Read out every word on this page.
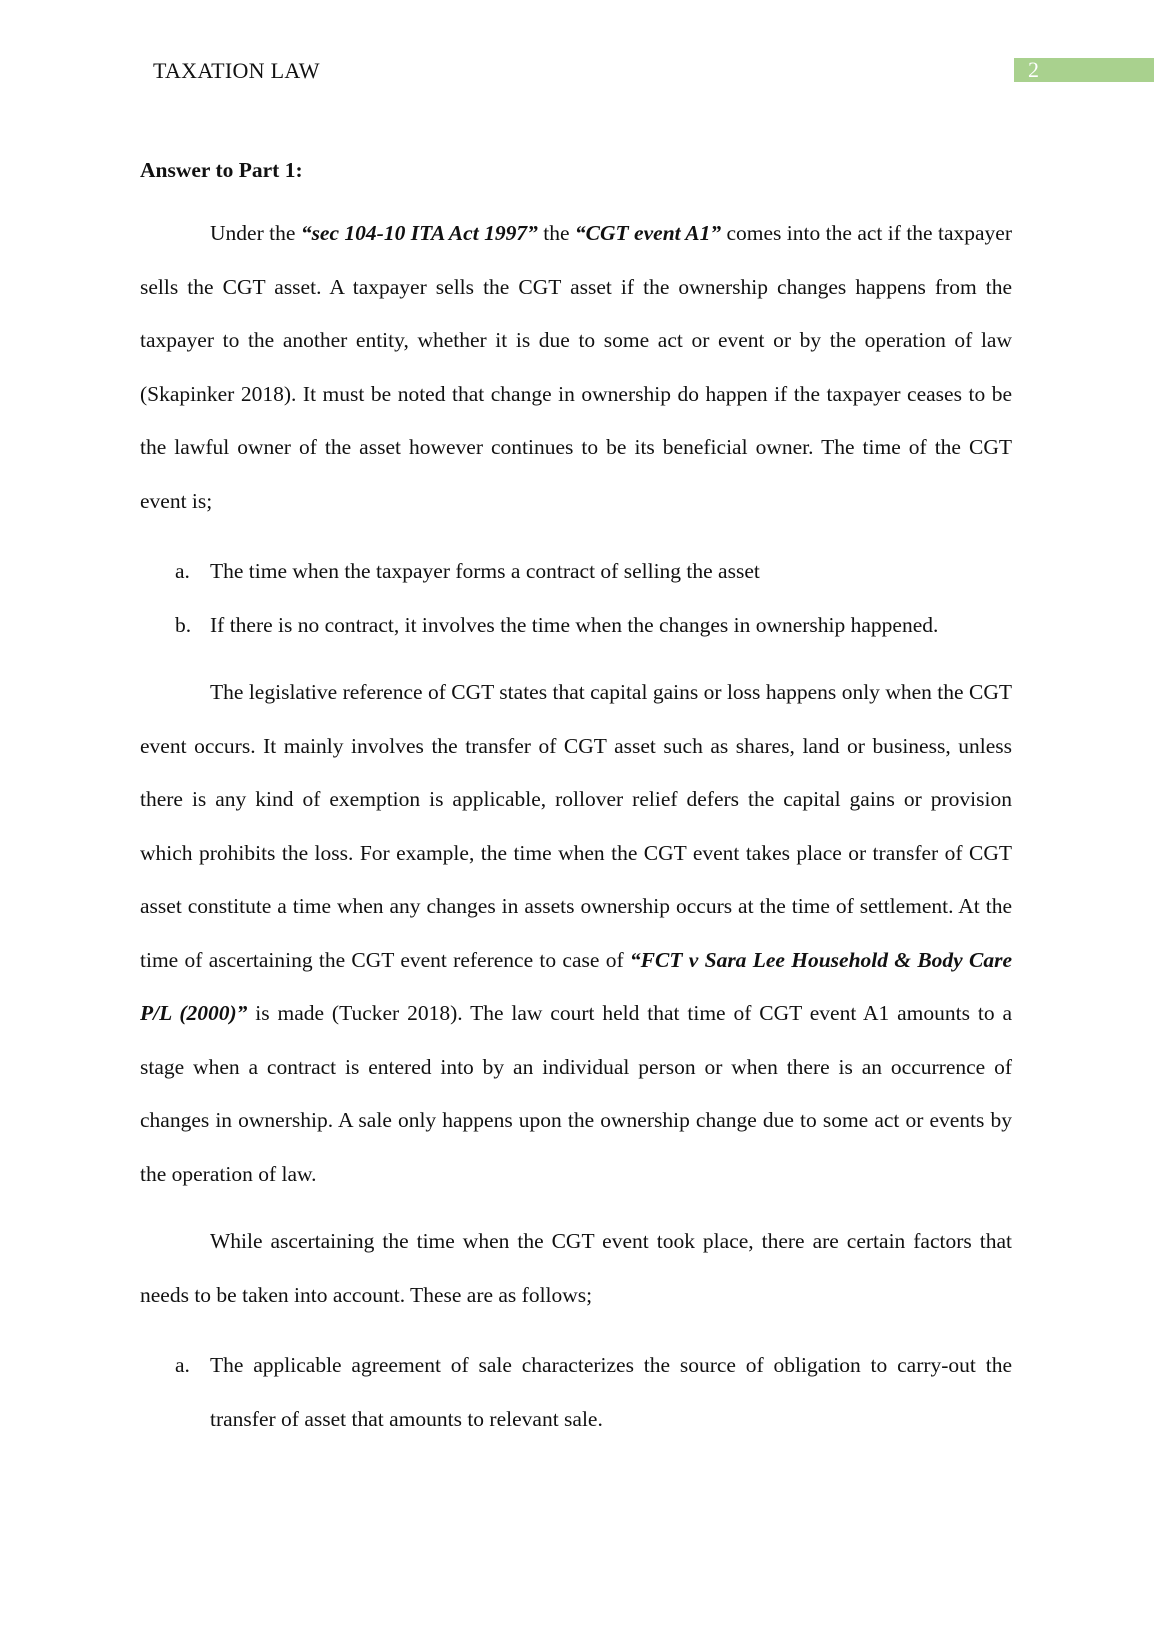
TAXATION LAW	2
Answer to Part 1:

Under the “sec 104-10 ITA Act 1997” the “CGT event A1” comes into the act if the taxpayer sells the CGT asset. A taxpayer sells the CGT asset if the ownership changes happens from the taxpayer to the another entity, whether it is due to some act or event or by the operation of law (Skapinker 2018). It must be noted that change in ownership do happen if the taxpayer ceases to be the lawful owner of the asset however continues to be its beneficial owner. The time of the CGT event is;

a. The time when the taxpayer forms a contract of selling the asset
b. If there is no contract, it involves the time when the changes in ownership happened.

The legislative reference of CGT states that capital gains or loss happens only when the CGT event occurs. It mainly involves the transfer of CGT asset such as shares, land or business, unless there is any kind of exemption is applicable, rollover relief defers the capital gains or provision which prohibits the loss. For example, the time when the CGT event takes place or transfer of CGT asset constitute a time when any changes in assets ownership occurs at the time of settlement. At the time of ascertaining the CGT event reference to case of “FCT v Sara Lee Household & Body Care P/L (2000)” is made (Tucker 2018). The law court held that time of CGT event A1 amounts to a stage when a contract is entered into by an individual person or when there is an occurrence of changes in ownership. A sale only happens upon the ownership change due to some act or events by the operation of law.

While ascertaining the time when the CGT event took place, there are certain factors that needs to be taken into account. These are as follows;

a. The applicable agreement of sale characterizes the source of obligation to carry-out the transfer of asset that amounts to relevant sale.
